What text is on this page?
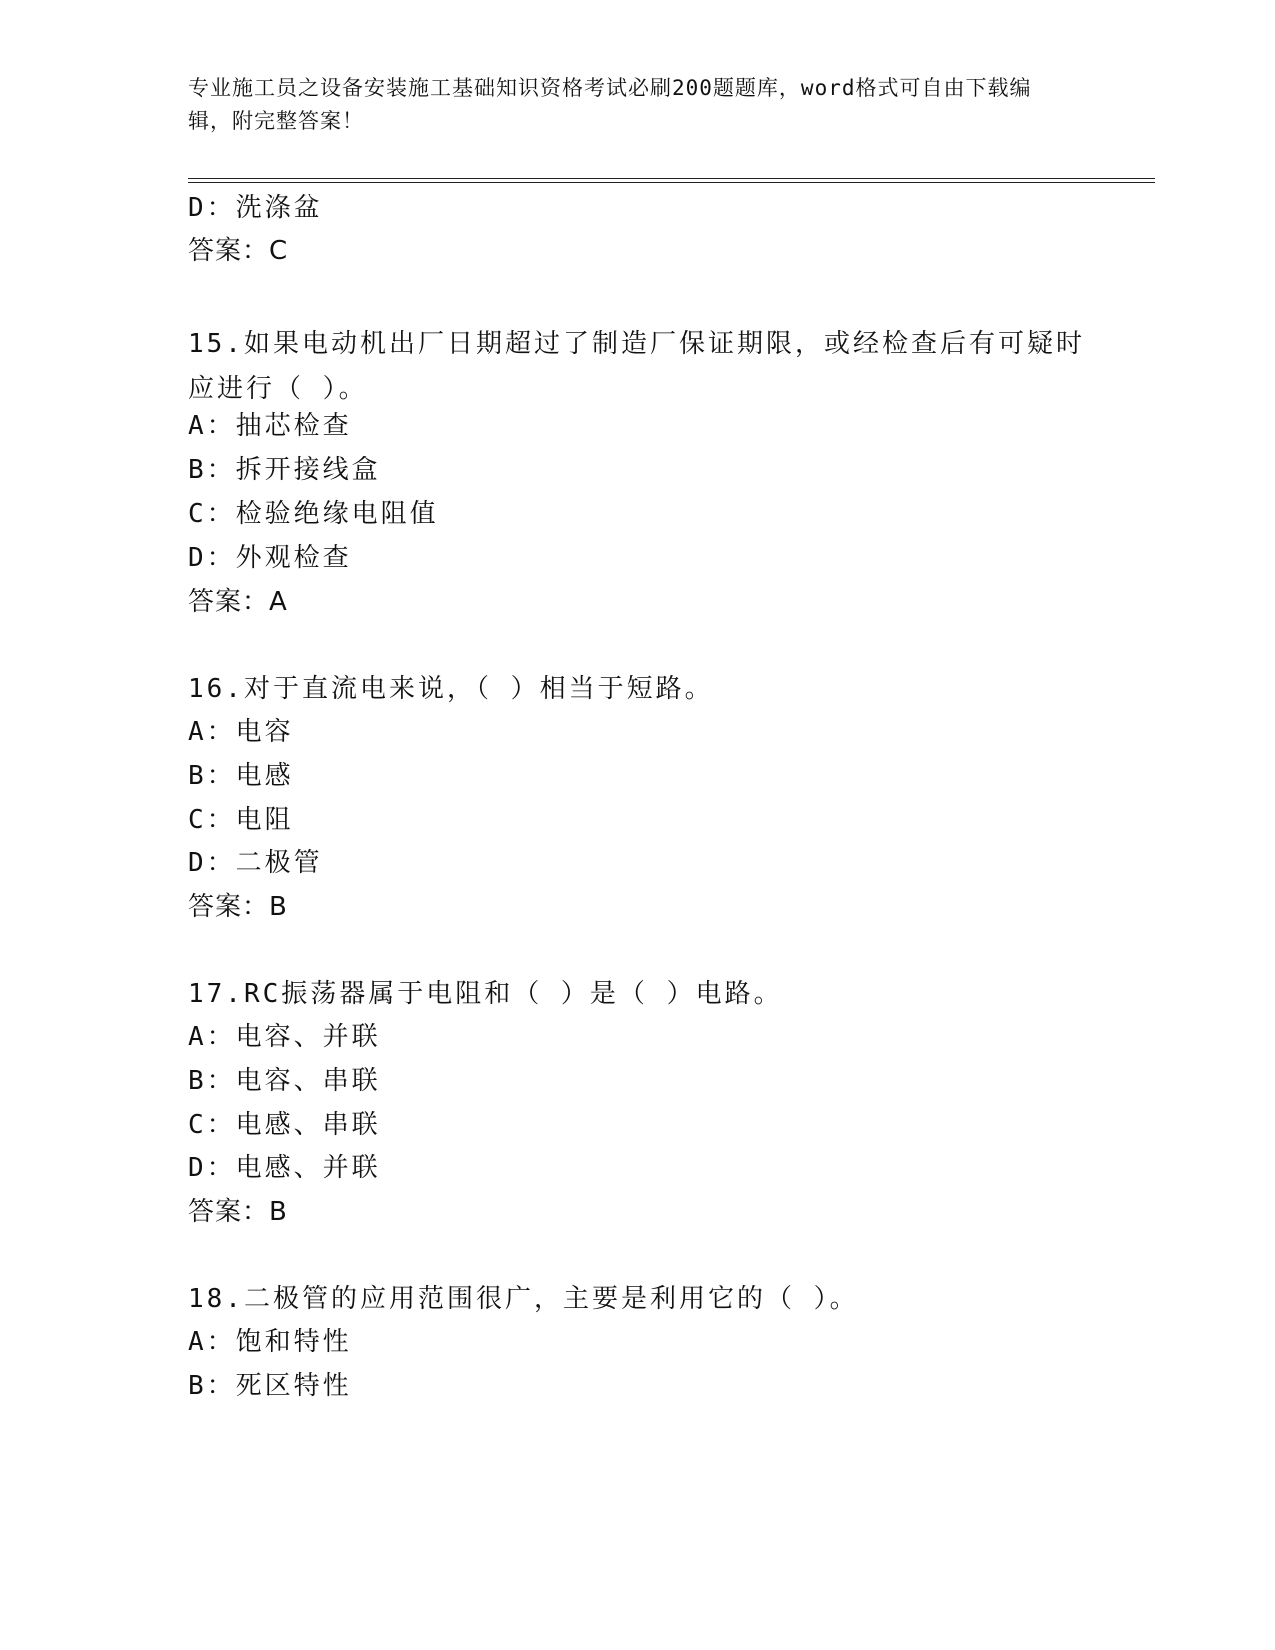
专业施工员之设备安装施工基础知识资格考试必刷200题题库，word格式可自由下载编辑，附完整答案！
D：洗涤盆
答案：C
15.如果电动机出厂日期超过了制造厂保证期限，或经检查后有可疑时应进行（ ）。
A：抽芯检查
B：拆开接线盒
C：检验绝缘电阻值
D：外观检查
答案：A
16.对于直流电来说，（ ）相当于短路。
A：电容
B：电感
C：电阻
D：二极管
答案：B
17.RC振荡器属于电阻和（ ）是（ ）电路。
A：电容、并联
B：电容、串联
C：电感、串联
D：电感、并联
答案：B
18.二极管的应用范围很广，主要是利用它的（ ）。
A：饱和特性
B：死区特性
